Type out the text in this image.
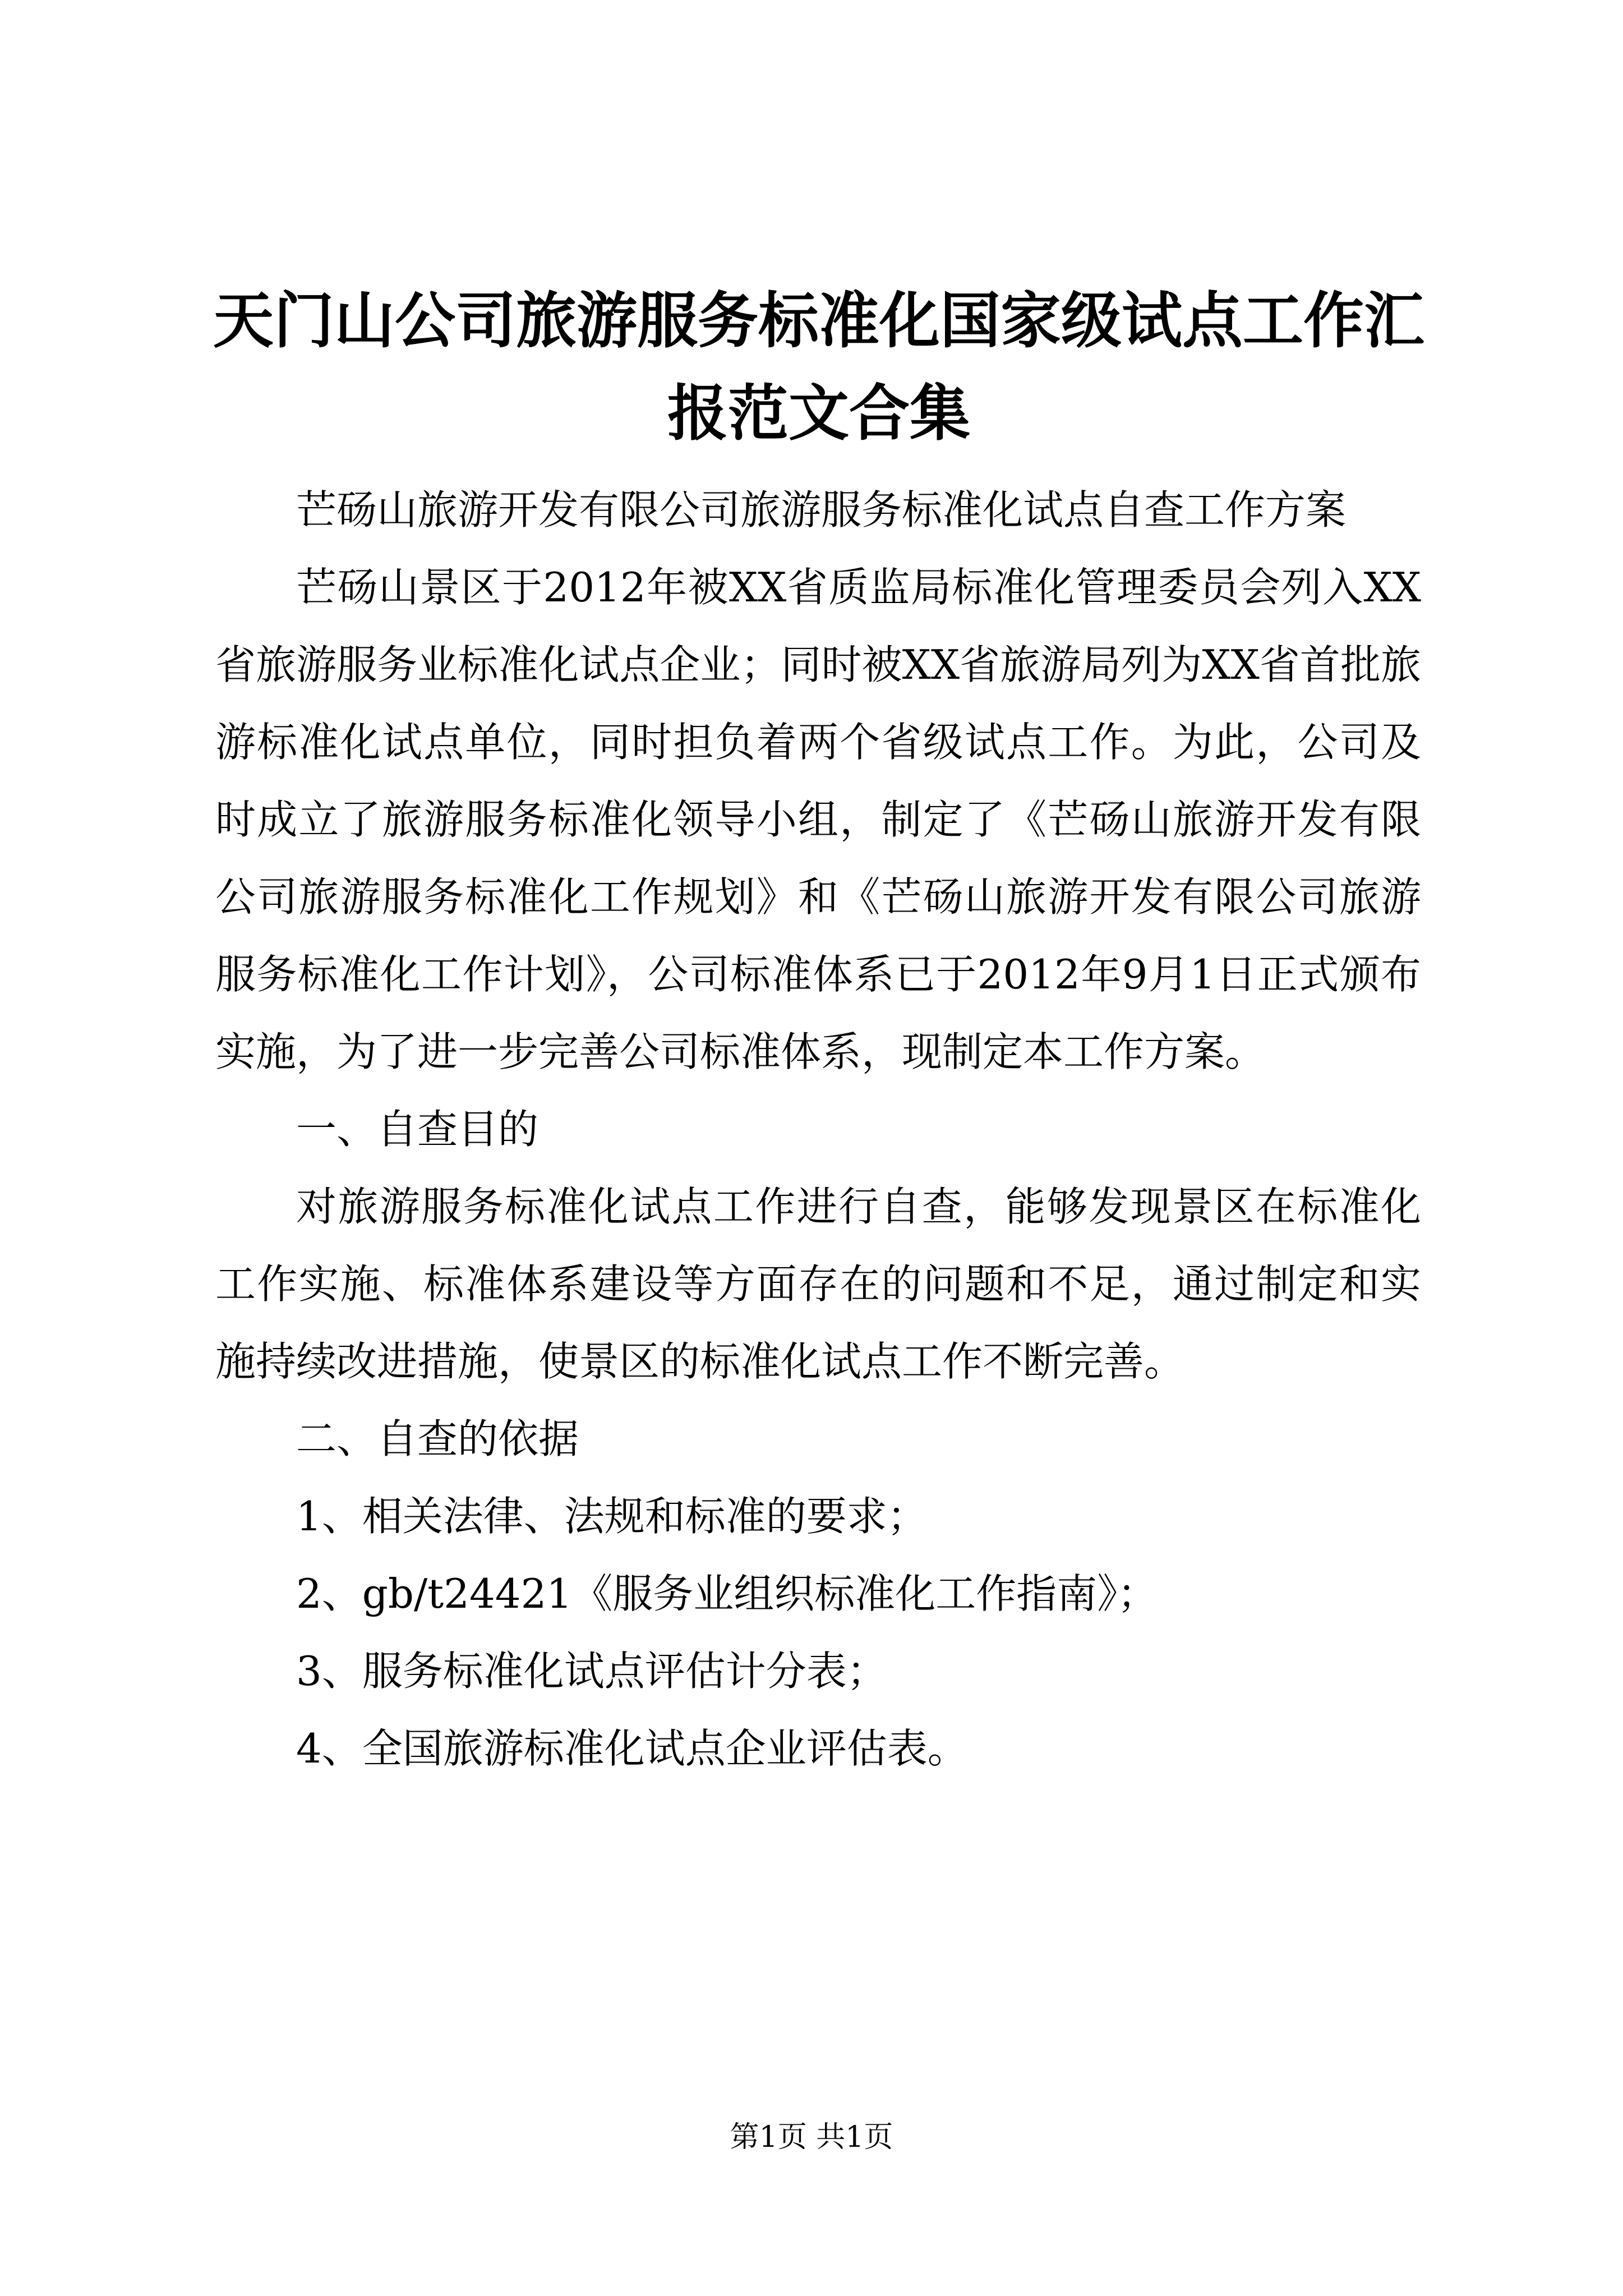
天门山公司旅游服务标准化国家级试点工作汇报范文合集

芒砀山旅游开发有限公司旅游服务标准化试点自查工作方案

芒砀山景区于2012年被XX省质监局标准化管理委员会列入XX省旅游服务业标准化试点企业；同时被XX省旅游局列为XX省首批旅游标准化试点单位，同时担负着两个省级试点工作。为此，公司及时成立了旅游服务标准化领导小组，制定了《芒砀山旅游开发有限公司旅游服务标准化工作规划》和《芒砀山旅游开发有限公司旅游服务标准化工作计划》，公司标准体系已于2012年9月1日正式颁布实施，为了进一步完善公司标准体系，现制定本工作方案。

一、自查目的

对旅游服务标准化试点工作进行自查，能够发现景区在标准化工作实施、标准体系建设等方面存在的问题和不足，通过制定和实施持续改进措施，使景区的标准化试点工作不断完善。

二、自查的依据

1、相关法律、法规和标准的要求；

2、gb/t24421《服务业组织标准化工作指南》；

3、服务标准化试点评估计分表；

4、全国旅游标准化试点企业评估表。

第1页 共1页
